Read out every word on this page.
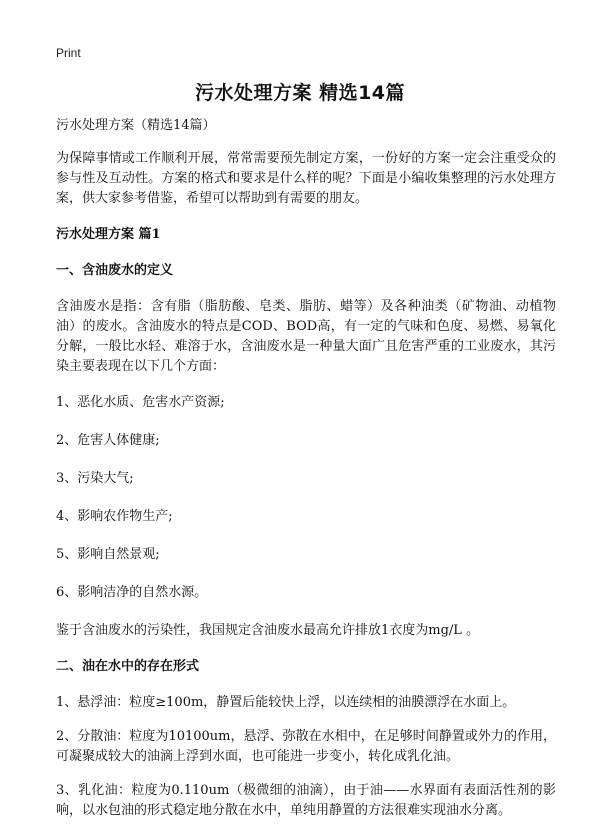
Print
污水处理方案 精选14篇

污水处理方案（精选14篇）

为保障事情或工作顺利开展，常常需要预先制定方案，一份好的方案一定会注重受众的参与性及互动性。方案的格式和要求是什么样的呢？下面是小编收集整理的污水处理方案，供大家参考借鉴，希望可以帮助到有需要的朋友。

污水处理方案 篇1
一、含油废水的定义

含油废水是指：含有脂（脂肪酸、皂类、脂肪、蜡等）及各种油类（矿物油、动植物油）的废水。含油废水的特点是COD、BOD高，有一定的气味和色度、易燃、易氧化分解，一般比水轻、难溶于水，含油废水是一种量大面广且危害严重的工业废水，其污染主要表现在以下几个方面：

1、恶化水质、危害水产资源;
2、危害人体健康;
3、污染大气;
4、影响农作物生产;
5、影响自然景观;
6、影响洁净的自然水源。

鉴于含油废水的污染性，我国规定含油废水最高允许排放1衣度为mg/L 。

二、油在水中的存在形式

1、悬浮油：粒度≥100m，静置后能较快上浮，以连续相的油膜漂浮在水面上。

2、分散油：粒度为10100um，悬浮、弥散在水相中，在足够时间静置或外力的作用，可凝聚成较大的油滴上浮到水面，也可能进一步变小，转化成乳化油。

3、乳化油：粒度为0.110um（极微细的油滴），由于油——水界面有表面活性剂的影响，以水包油的形式稳定地分散在水中，单纯用静置的方法很难实现油水分离。
